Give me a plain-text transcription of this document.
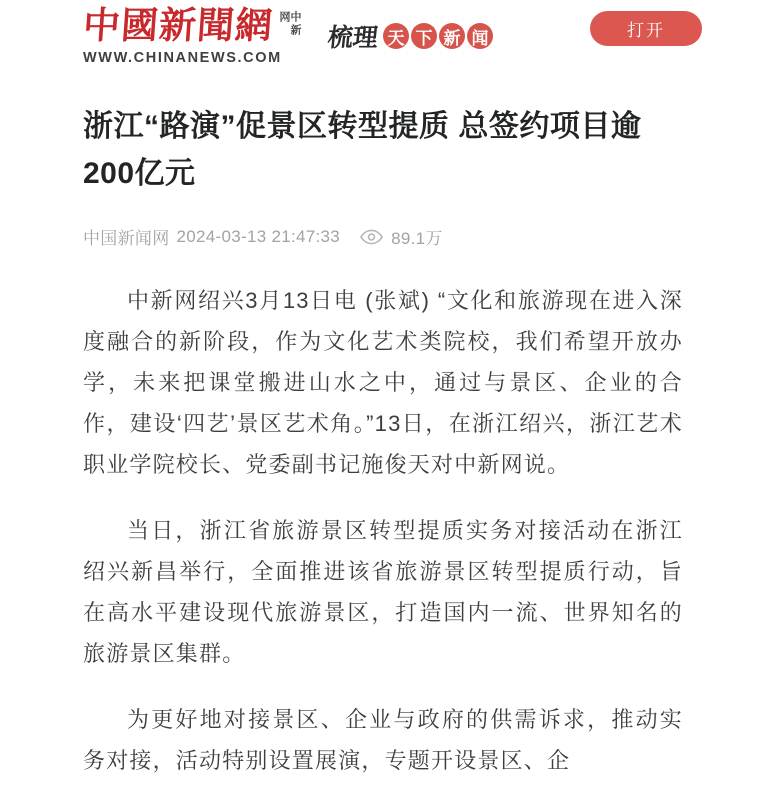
中國新聞網	中新网
WWW.CHINANEWS.COM
梳理 天 下 新 闻	打开
浙江“路演”促景区转型提质 总签约项目逾200亿元
中国新闻网 2024-03-13 21:47:33	89.1万

中新网绍兴3月13日电 (张斌) “文化和旅游现在进入深度融合的新阶段，作为文化艺术类院校，我们希望开放办学，未来把课堂搬进山水之中，通过与景区、企业的合作，建设‘四艺’景区艺术角。”13日，在浙江绍兴，浙江艺术职业学院校长、党委副书记施俊天对中新网说。

当日，浙江省旅游景区转型提质实务对接活动在浙江绍兴新昌举行，全面推进该省旅游景区转型提质行动，旨在高水平建设现代旅游景区，打造国内一流、世界知名的旅游景区集群。

为更好地对接景区、企业与政府的供需诉求，推动实务对接，活动特别设置展演，专题开设景区、企
